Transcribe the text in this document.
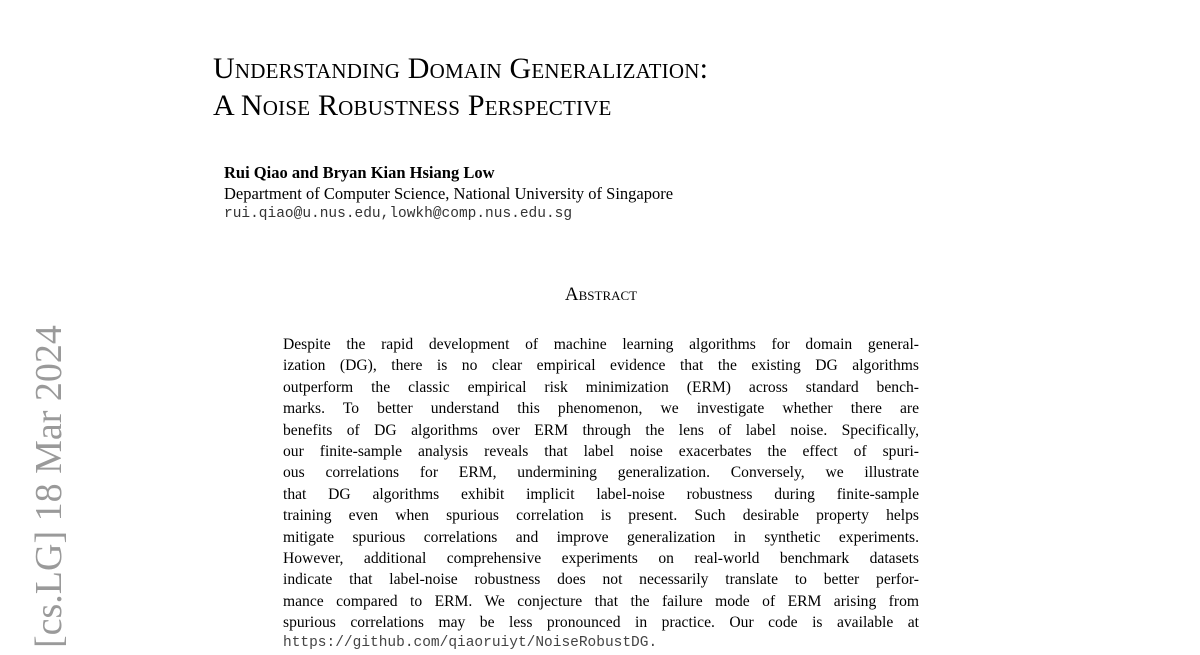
[cs.LG] 18 Mar 2024
Understanding Domain Generalization:
A Noise Robustness Perspective
Rui Qiao and Bryan Kian Hsiang Low
Department of Computer Science, National University of Singapore
rui.qiao@u.nus.edu,lowkh@comp.nus.edu.sg
Abstract
Despite the rapid development of machine learning algorithms for domain general-
ization (DG), there is no clear empirical evidence that the existing DG algorithms
outperform the classic empirical risk minimization (ERM) across standard bench-
marks. To better understand this phenomenon, we investigate whether there are
benefits of DG algorithms over ERM through the lens of label noise. Specifically,
our finite-sample analysis reveals that label noise exacerbates the effect of spuri-
ous correlations for ERM, undermining generalization. Conversely, we illustrate
that DG algorithms exhibit implicit label-noise robustness during finite-sample
training even when spurious correlation is present. Such desirable property helps
mitigate spurious correlations and improve generalization in synthetic experiments.
However, additional comprehensive experiments on real-world benchmark datasets
indicate that label-noise robustness does not necessarily translate to better perfor-
mance compared to ERM. We conjecture that the failure mode of ERM arising from
spurious correlations may be less pronounced in practice. Our code is available at
https://github.com/qiaoruiyt/NoiseRobustDG.
